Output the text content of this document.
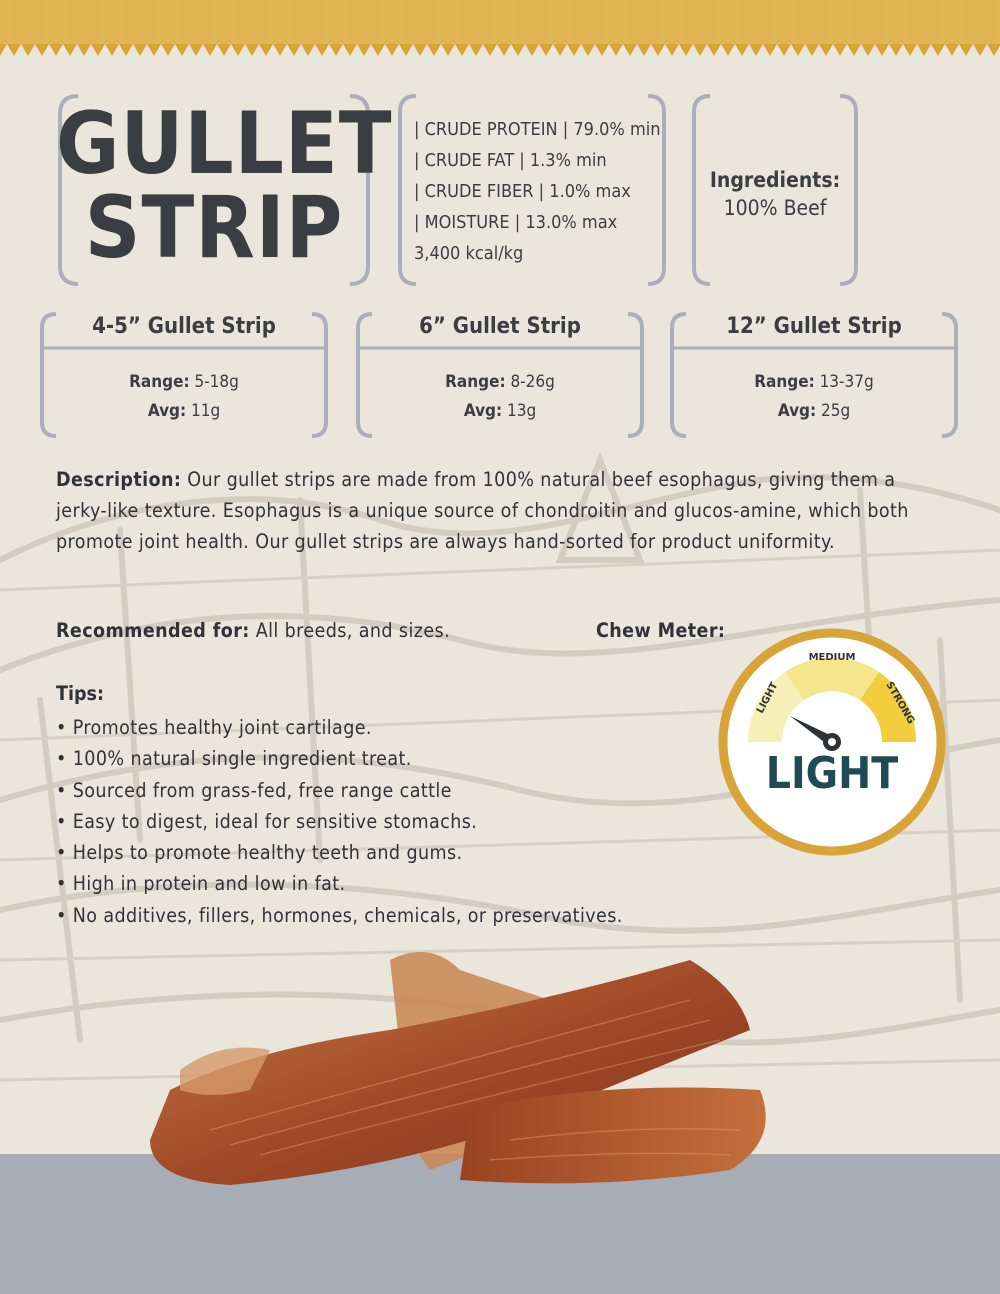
GULLET
STRIP
| CRUDE PROTEIN | 79.0% min
| CRUDE FAT | 1.3% min
| CRUDE FIBER | 1.0% max
| MOISTURE | 13.0% max
3,400 kcal/kg
Ingredients:
100% Beef
4-5” Gullet Strip
Range: 5-18g
Avg: 11g
6” Gullet Strip
Range: 8-26g
Avg: 13g
12” Gullet Strip
Range: 13-37g
Avg: 25g
Description: Our gullet strips are made from 100% natural beef esophagus, giving them a jerky-like texture. Esophagus is a unique source of chondroitin and glucos-amine, which both promote joint health. Our gullet strips are always hand-sorted for product uniformity.
Recommended for: All breeds, and sizes.	Chew Meter:
Tips:
• Promotes healthy joint cartilage.
• 100% natural single ingredient treat.
• Sourced from grass-fed, free range cattle
• Easy to digest, ideal for sensitive stomachs.
• Helps to promote healthy teeth and gums.
• High in protein and low in fat.
• No additives, fillers, hormones, chemicals, or preservatives.
LIGHT
MEDIUM
STRONG
LIGHT
